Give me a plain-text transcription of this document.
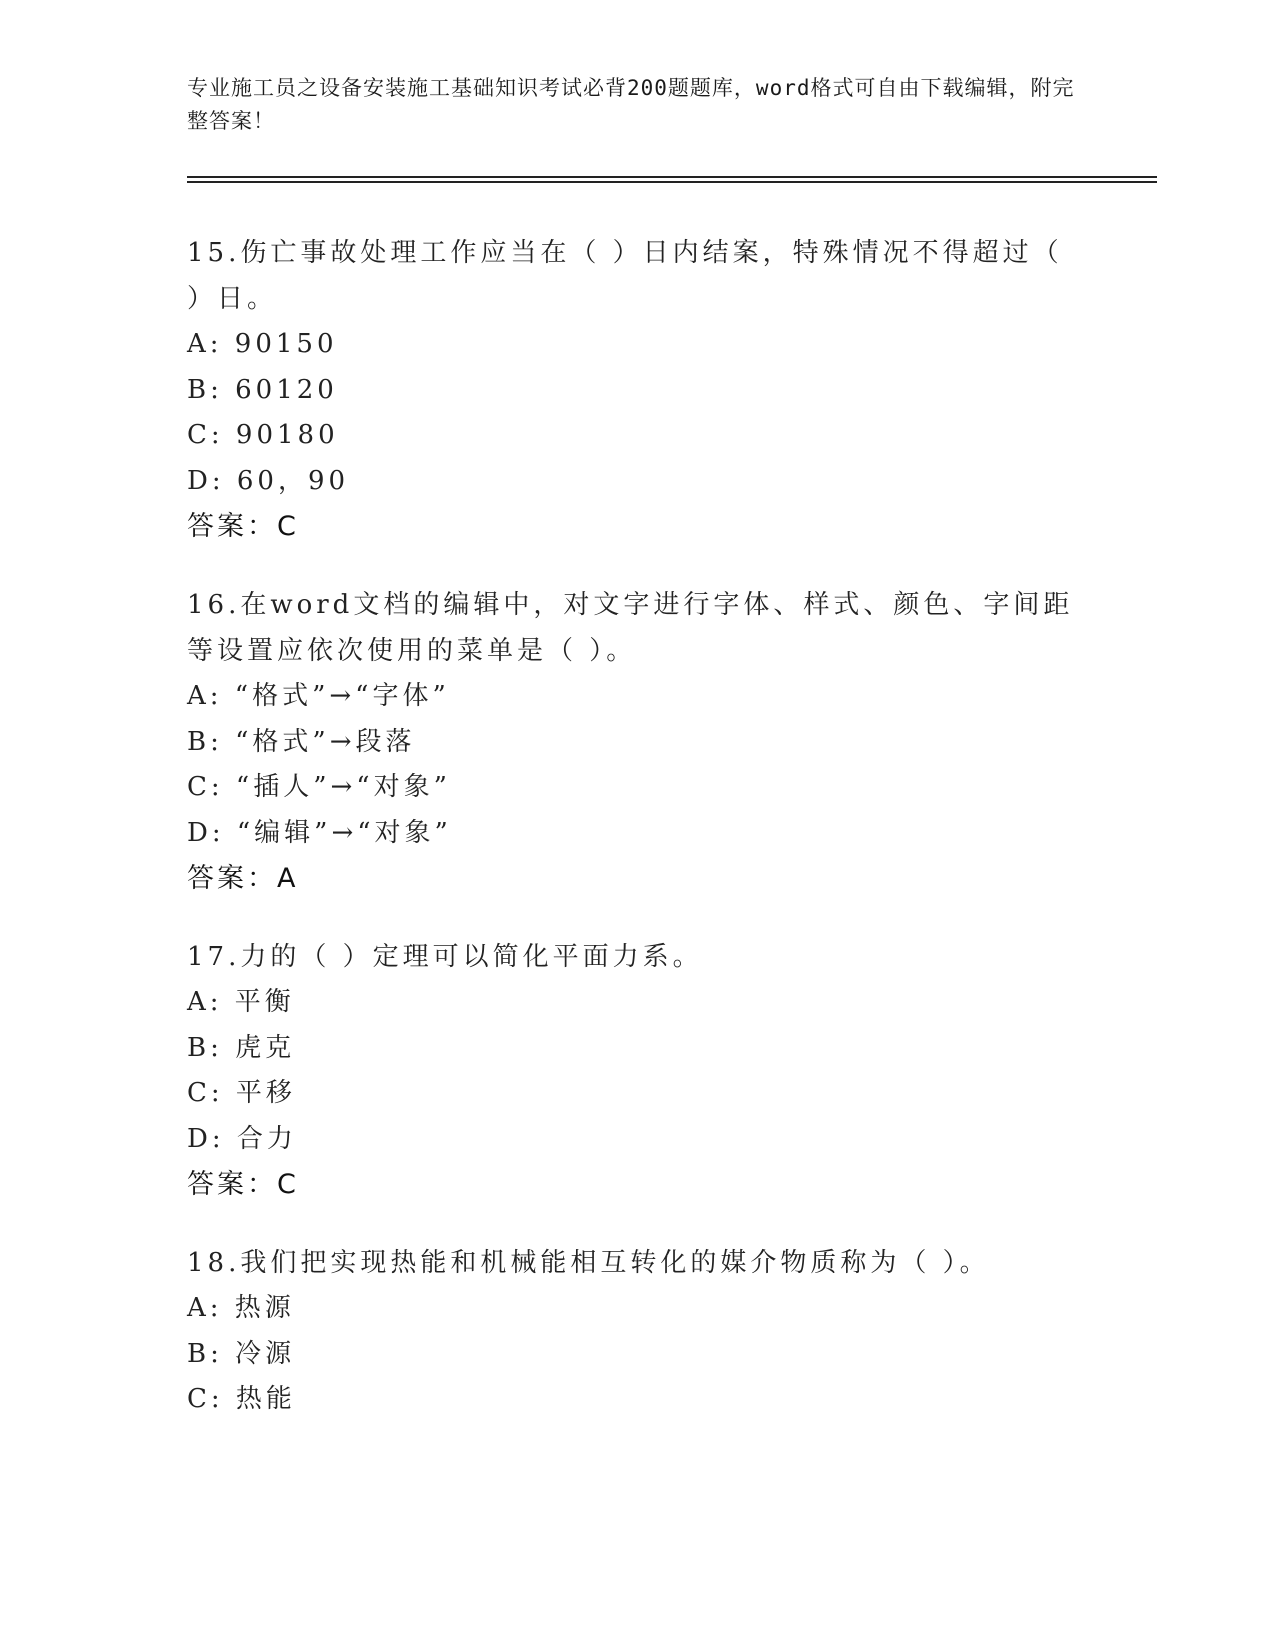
专业施工员之设备安装施工基础知识考试必背200题题库，word格式可自由下载编辑，附完整答案！
15.伤亡事故处理工作应当在（ ）日内结案，特殊情况不得超过（ ）日。
A: 90150
B: 60120
C: 90180
D: 60，90
答案：C
16.在word文档的编辑中，对文字进行字体、样式、颜色、字间距等设置应依次使用的菜单是（ ）。
A: “格式”→“字体”
B: “格式”→段落
C: “插人”→“对象”
D: “编辑”→“对象”
答案：A
17.力的（ ）定理可以简化平面力系。
A: 平衡
B: 虎克
C: 平移
D: 合力
答案：C
18.我们把实现热能和机械能相互转化的媒介物质称为（ ）。
A: 热源
B: 冷源
C: 热能
